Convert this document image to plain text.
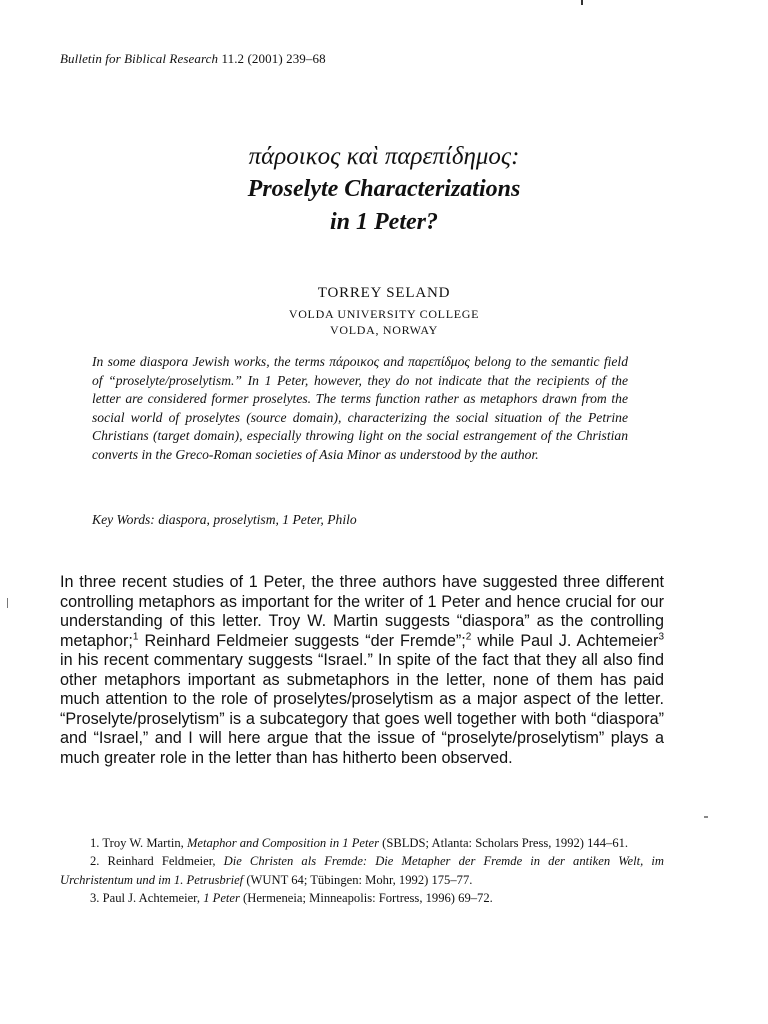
Bulletin for Biblical Research 11.2 (2001) 239–68
πάροικος καὶ παρεπίδημος:
Proselyte Characterizations
in 1 Peter?
TORREY SELAND
VOLDA UNIVERSITY COLLEGE
VOLDA, NORWAY

In some diaspora Jewish works, the terms πάροικος and παρεπίδμος belong to the semantic field of “proselyte/proselytism.” In 1 Peter, however, they do not indicate that the recipients of the letter are considered former proselytes. The terms function rather as metaphors drawn from the social world of proselytes (source domain), characterizing the social situation of the Petrine Christians (target domain), especially throwing light on the social estrangement of the Christian converts in the Greco-Roman societies of Asia Minor as understood by the author.

Key Words: diaspora, proselytism, 1 Peter, Philo

In three recent studies of 1 Peter, the three authors have suggested three different controlling metaphors as important for the writer of 1 Peter and hence crucial for our understanding of this letter. Troy W. Martin suggests “diaspora” as the controlling metaphor;$^1$ Reinhard Feldmeier suggests “der Fremde”;$^2$ while Paul J. Achtemeier$^3$ in his recent commentary suggests “Israel.” In spite of the fact that they all also find other metaphors important as submetaphors in the letter, none of them has paid much attention to the role of proselytes/proselytism as a major aspect of the letter. “Proselyte/proselytism” is a subcategory that goes well together with both “diaspora” and “Israel,” and I will here argue that the issue of “proselyte/proselytism” plays a much greater role in the letter than has hitherto been observed.

1. Troy W. Martin, Metaphor and Composition in 1 Peter (SBLDS; Atlanta: Scholars Press, 1992) 144–61.

2. Reinhard Feldmeier, Die Christen als Fremde: Die Metapher der Fremde in der antiken Welt, im Urchristentum und im 1. Petrusbrief (WUNT 64; Tübingen: Mohr, 1992) 175–77.

3. Paul J. Achtemeier, 1 Peter (Hermeneia; Minneapolis: Fortress, 1996) 69–72.
